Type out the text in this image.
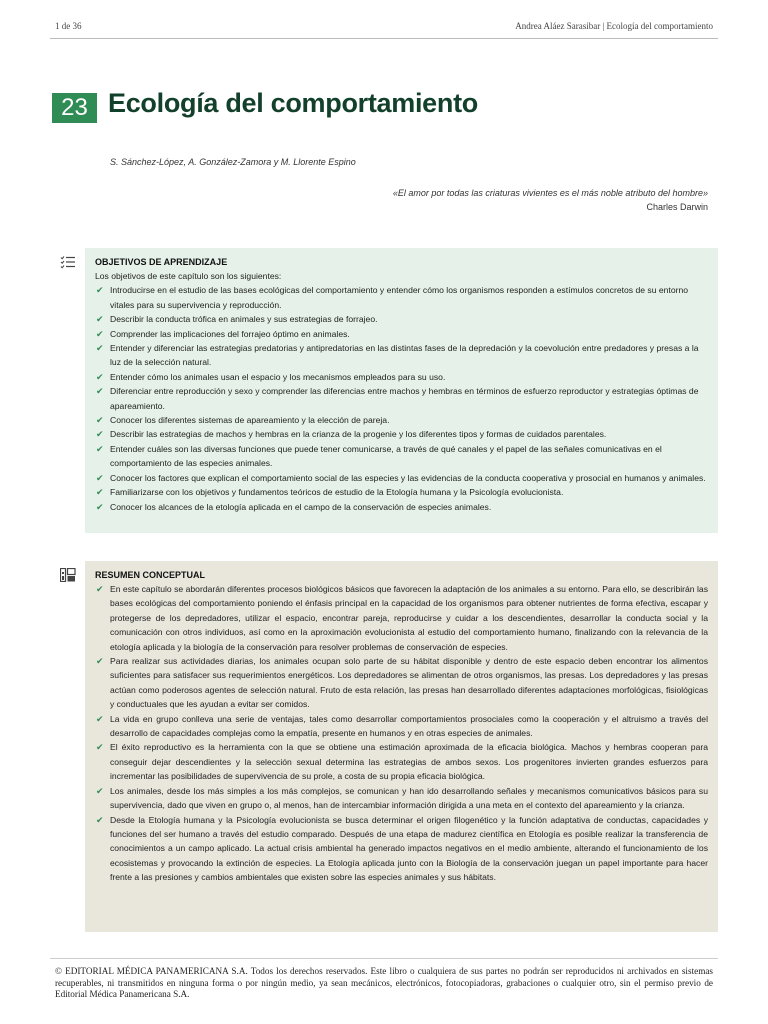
1 de 36	Andrea Aláez Sarasibar | Ecología del comportamiento
23 Ecología del comportamiento
S. Sánchez-López, A. González-Zamora y M. Llorente Espino
«El amor por todas las criaturas vivientes es el más noble atributo del hombre»
Charles Darwin
OBJETIVOS DE APRENDIZAJE
Los objetivos de este capítulo son los siguientes:
✔ Introducirse en el estudio de las bases ecológicas del comportamiento y entender cómo los organismos responden a estímulos concretos de su entorno vitales para su supervivencia y reproducción.
✔ Describir la conducta trófica en animales y sus estrategias de forrajeo.
✔ Comprender las implicaciones del forrajeo óptimo en animales.
✔ Entender y diferenciar las estrategias predatorias y antipredatorias en las distintas fases de la depredación y la coevolución entre predadores y presas a la luz de la selección natural.
✔ Entender cómo los animales usan el espacio y los mecanismos empleados para su uso.
✔ Diferenciar entre reproducción y sexo y comprender las diferencias entre machos y hembras en términos de esfuerzo reproductor y estrategias óptimas de apareamiento.
✔ Conocer los diferentes sistemas de apareamiento y la elección de pareja.
✔ Describir las estrategias de machos y hembras en la crianza de la progenie y los diferentes tipos y formas de cuidados parentales.
✔ Entender cuáles son las diversas funciones que puede tener comunicarse, a través de qué canales y el papel de las señales comunicativas en el comportamiento de las especies animales.
✔ Conocer los factores que explican el comportamiento social de las especies y las evidencias de la conducta cooperativa y prosocial en humanos y animales.
✔ Familiarizarse con los objetivos y fundamentos teóricos de estudio de la Etología humana y la Psicología evolucionista.
✔ Conocer los alcances de la etología aplicada en el campo de la conservación de especies animales.
RESUMEN CONCEPTUAL
✔ En este capítulo se abordarán diferentes procesos biológicos básicos que favorecen la adaptación de los animales a su entorno. Para ello, se describirán las bases ecológicas del comportamiento poniendo el énfasis principal en la capacidad de los organismos para obtener nutrientes de forma efectiva, escapar y protegerse de los depredadores, utilizar el espacio, encontrar pareja, reproducirse y cuidar a los descendientes, desarrollar la conducta social y la comunicación con otros individuos, así como en la aproximación evolucionista al estudio del comportamiento humano, finalizando con la relevancia de la etología aplicada y la biología de la conservación para resolver problemas de conservación de especies.
✔ Para realizar sus actividades diarias, los animales ocupan solo parte de su hábitat disponible y dentro de este espacio deben encontrar los alimentos suficientes para satisfacer sus requerimientos energéticos. Los depredadores se alimentan de otros organismos, las presas. Los depredadores y las presas actúan como poderosos agentes de selección natural. Fruto de esta relación, las presas han desarrollado diferentes adaptaciones morfológicas, fisiológicas y conductuales que les ayudan a evitar ser comidos.
✔ La vida en grupo conlleva una serie de ventajas, tales como desarrollar comportamientos prosociales como la cooperación y el altruismo a través del desarrollo de capacidades complejas como la empatía, presente en humanos y en otras especies de animales.
✔ El éxito reproductivo es la herramienta con la que se obtiene una estimación aproximada de la eficacia biológica. Machos y hembras cooperan para conseguir dejar descendientes y la selección sexual determina las estrategias de ambos sexos. Los progenitores invierten grandes esfuerzos para incrementar las posibilidades de supervivencia de su prole, a costa de su propia eficacia biológica.
✔ Los animales, desde los más simples a los más complejos, se comunican y han ido desarrollando señales y mecanismos comunicativos básicos para su supervivencia, dado que viven en grupo o, al menos, han de intercambiar información dirigida a una meta en el contexto del apareamiento y la crianza.
✔ Desde la Etología humana y la Psicología evolucionista se busca determinar el origen filogenético y la función adaptativa de conductas, capacidades y funciones del ser humano a través del estudio comparado. Después de una etapa de madurez científica en Etología es posible realizar la transferencia de conocimientos a un campo aplicado. La actual crisis ambiental ha generado impactos negativos en el medio ambiente, alterando el funcionamiento de los ecosistemas y provocando la extinción de especies. La Etología aplicada junto con la Biología de la conservación juegan un papel importante para hacer frente a las presiones y cambios ambientales que existen sobre las especies animales y sus hábitats.
© EDITORIAL MÉDICA PANAMERICANA S.A. Todos los derechos reservados. Este libro o cualquiera de sus partes no podrán ser reproducidos ni archivados en sistemas recuperables, ni transmitidos en ninguna forma o por ningún medio, ya sean mecánicos, electrónicos, fotocopiadoras, grabaciones o cualquier otro, sin el permiso previo de Editorial Médica Panamericana S.A.
